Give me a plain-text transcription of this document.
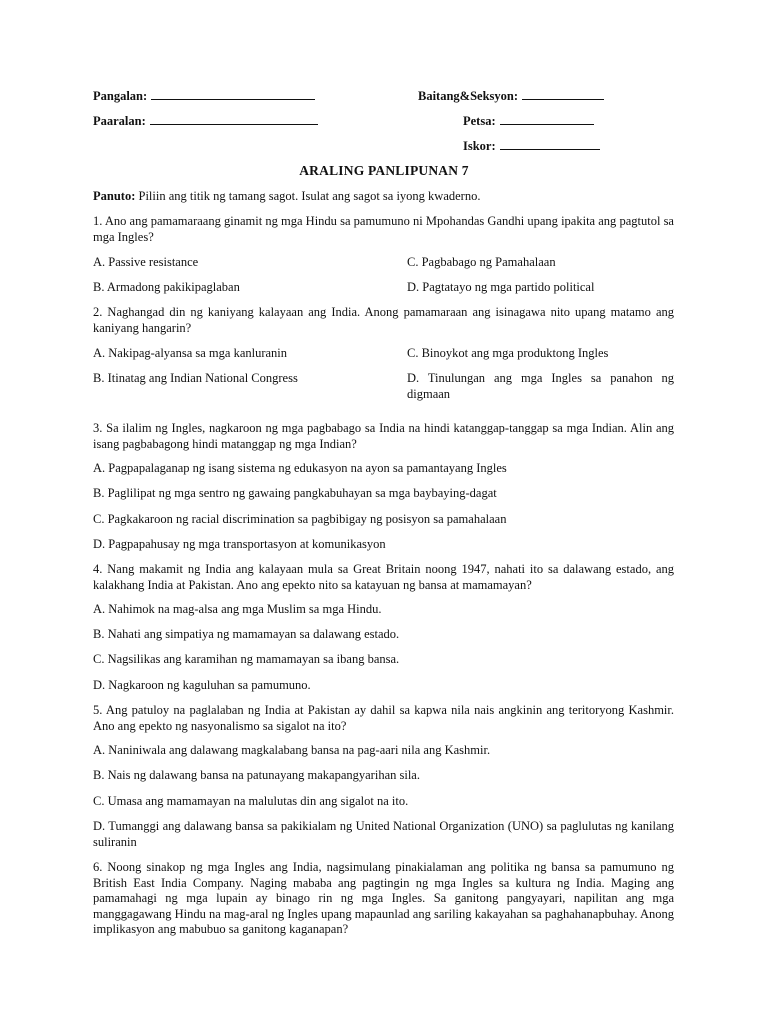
Pangalan:	Baitang&Seksyon:
Paaralan:	Petsa:
Iskor:
ARALING PANLIPUNAN 7
Panuto: Piliin ang titik ng tamang sagot. Isulat ang sagot sa iyong kwaderno.
1. Ano ang pamamaraang ginamit ng mga Hindu sa pamumuno ni Mpohandas Gandhi upang ipakita ang pagtutol sa mga Ingles?
A. Passive resistance	C. Pagbabago ng Pamahalaan
B. Armadong pakikipaglaban	D. Pagtatayo ng mga partido political
2. Naghangad din ng kaniyang kalayaan ang India. Anong pamamaraan ang isinagawa nito upang matamo ang kaniyang hangarin?
A. Nakipag-alyansa sa mga kanluranin	C. Binoykot ang mga produktong Ingles
B. Itinatag ang Indian National Congress	D. Tinulungan ang mga Ingles sa panahon ng digmaan
3. Sa ilalim ng Ingles, nagkaroon ng mga pagbabago sa India na hindi katanggap-tanggap sa mga Indian. Alin ang isang pagbabagong hindi matanggap ng mga Indian?
A. Pagpapalaganap ng isang sistema ng edukasyon na ayon sa pamantayang Ingles
B. Paglilipat ng mga sentro ng gawaing pangkabuhayan sa mga baybaying-dagat
C. Pagkakaroon ng racial discrimination sa pagbibigay ng posisyon sa pamahalaan
D. Pagpapahusay ng mga transportasyon at komunikasyon
4. Nang makamit ng India ang kalayaan mula sa Great Britain noong 1947, nahati ito sa dalawang estado, ang kalakhang India at Pakistan. Ano ang epekto nito sa katayuan ng bansa at mamamayan?
A. Nahimok na mag-alsa ang mga Muslim sa mga Hindu.
B. Nahati ang simpatiya ng mamamayan sa dalawang estado.
C. Nagsilikas ang karamihan ng mamamayan sa ibang bansa.
D. Nagkaroon ng kaguluhan sa pamumuno.
5. Ang patuloy na paglalaban ng India at Pakistan ay dahil sa kapwa nila nais angkinin ang teritoryong Kashmir. Ano ang epekto ng nasyonalismo sa sigalot na ito?
A. Naniniwala ang dalawang magkalabang bansa na pag-aari nila ang Kashmir.
B. Nais ng dalawang bansa na patunayang makapangyarihan sila.
C. Umasa ang mamamayan na malulutas din ang sigalot na ito.
D. Tumanggi ang dalawang bansa sa pakikialam ng United National Organization (UNO) sa paglulutas ng kanilang suliranin
6. Noong sinakop ng mga Ingles ang India, nagsimulang pinakialaman ang politika ng bansa sa pamumuno ng British East India Company. Naging mababa ang pagtingin ng mga Ingles sa kultura ng India. Maging ang pamamahagi ng mga lupain ay binago rin ng mga Ingles. Sa ganitong pangyayari, napilitan ang mga manggagawang Hindu na mag-aral ng Ingles upang mapaunlad ang sariling kakayahan sa paghahanapbuhay. Anong implikasyon ang mabubuo sa ganitong kaganapan?
